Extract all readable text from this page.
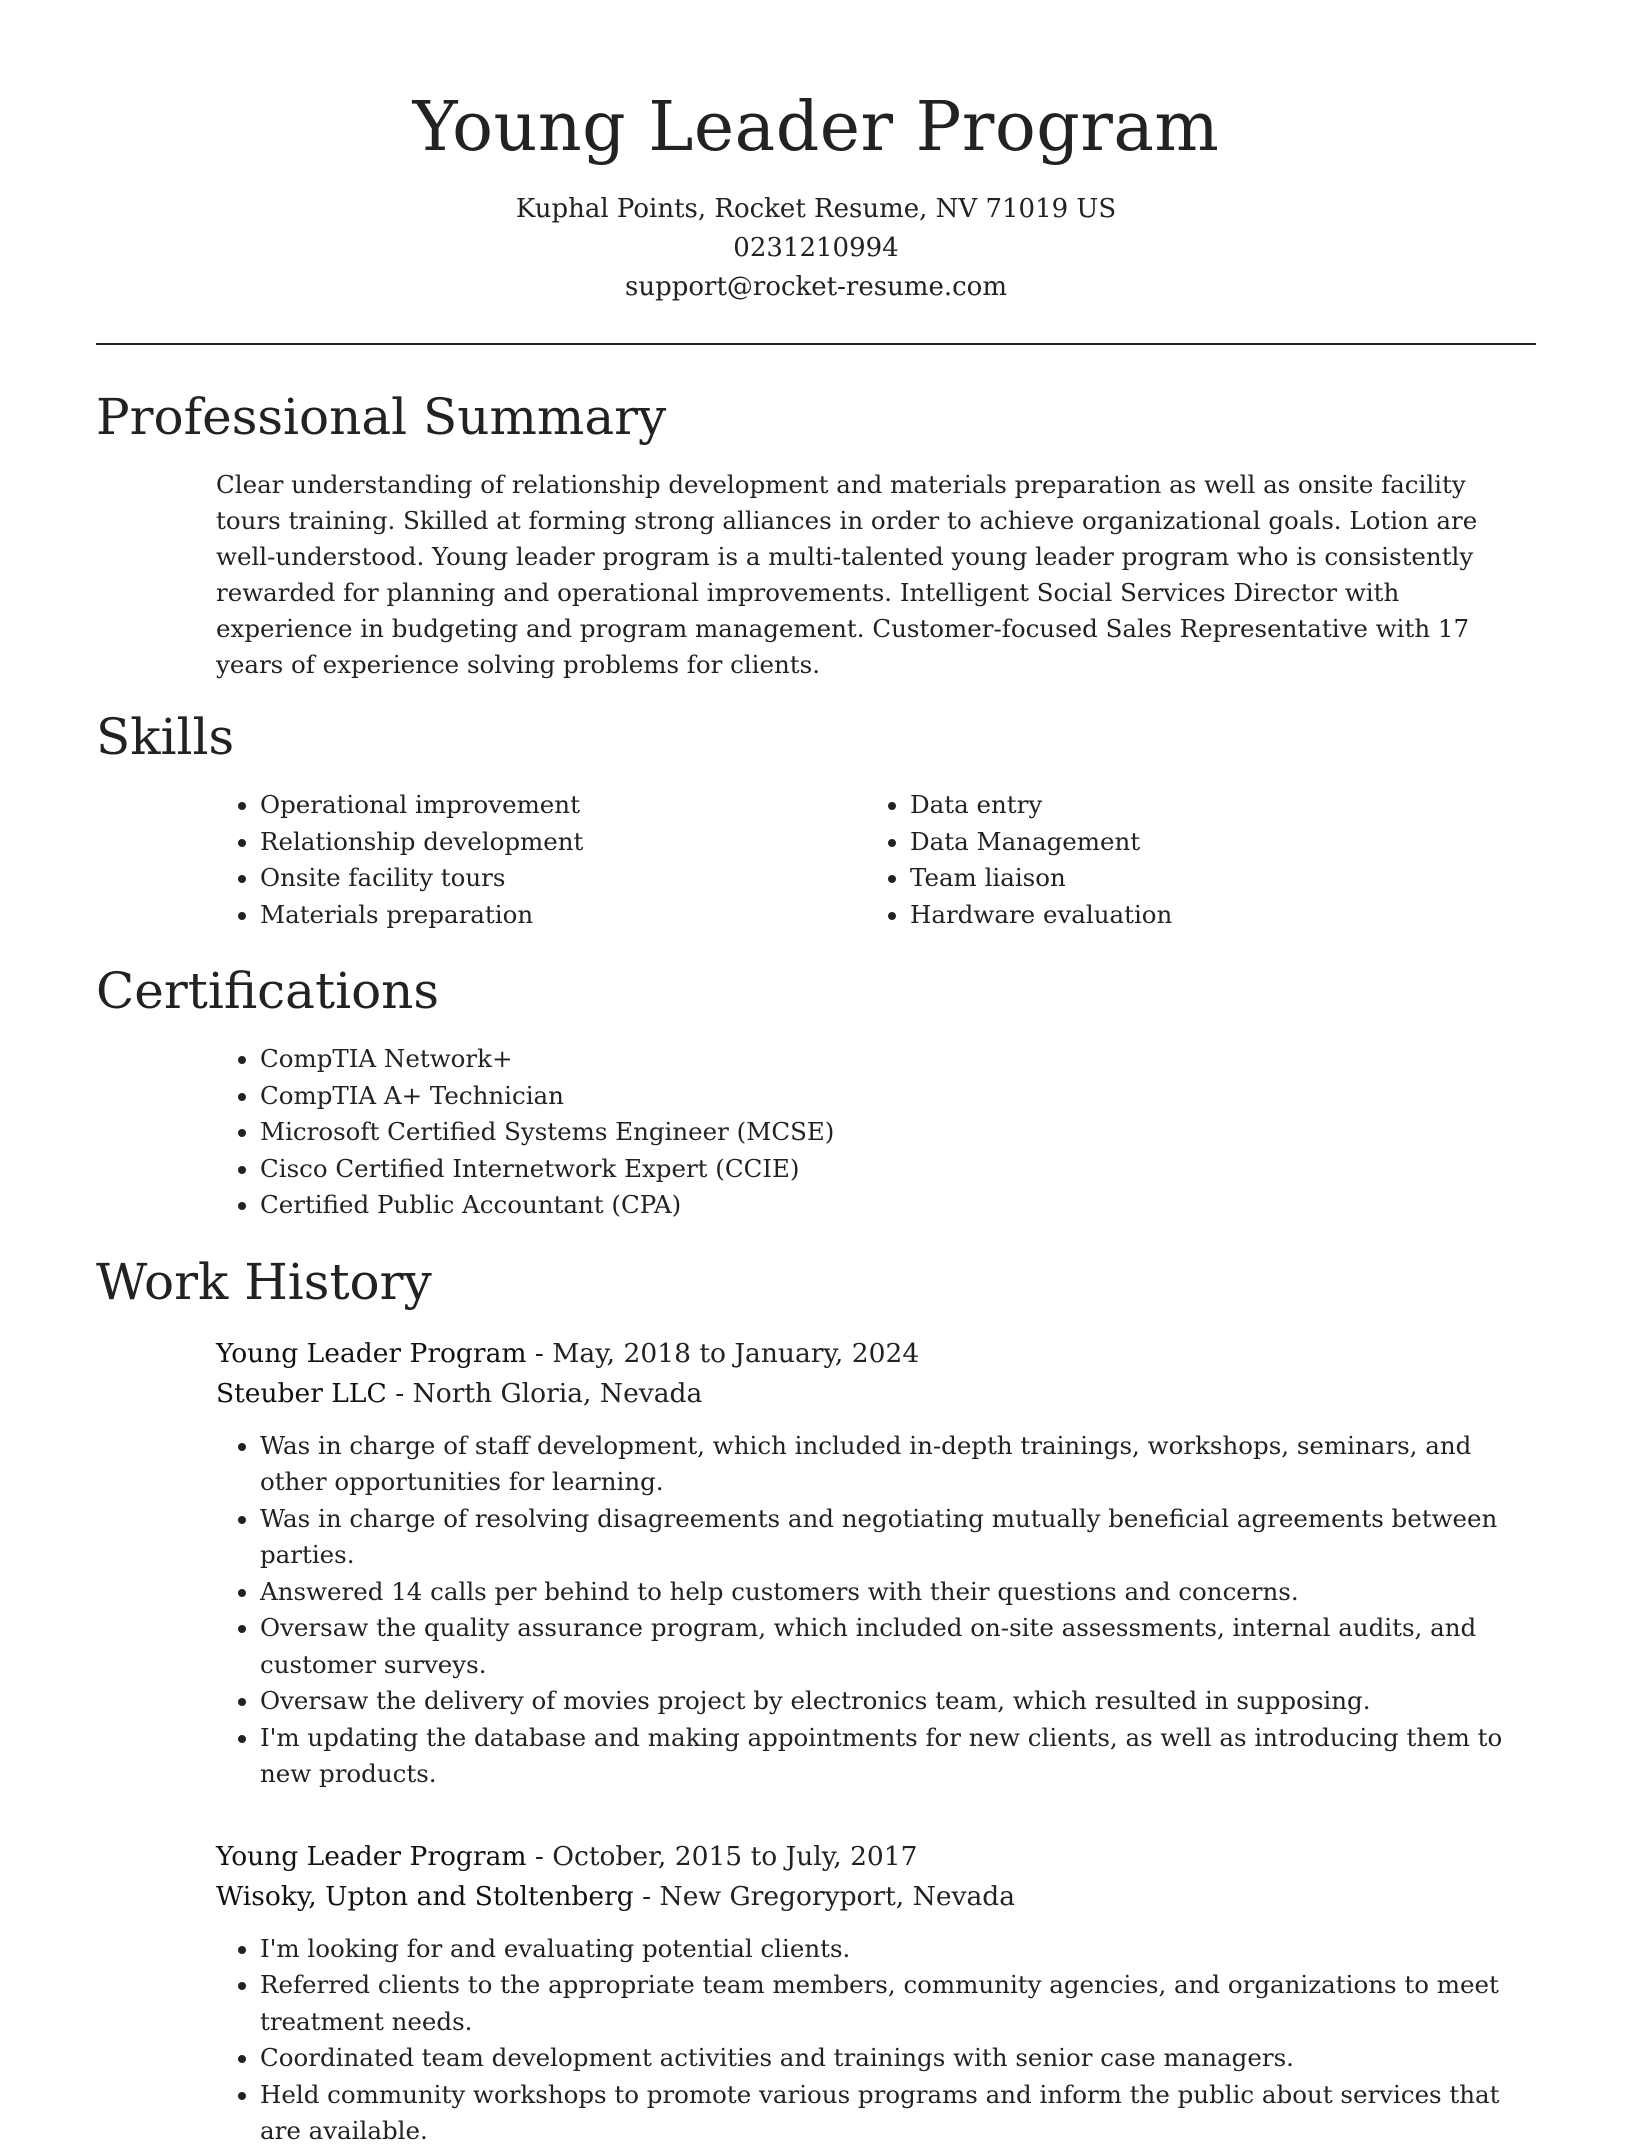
Young Leader Program
Kuphal Points, Rocket Resume, NV 71019 US
0231210994
support@rocket-resume.com
Professional Summary

Clear understanding of relationship development and materials preparation as well as onsite facility tours training. Skilled at forming strong alliances in order to achieve organizational goals. Lotion are well-understood. Young leader program is a multi-talented young leader program who is consistently rewarded for planning and operational improvements. Intelligent Social Services Director with experience in budgeting and program management. Customer-focused Sales Representative with 17 years of experience solving problems for clients.

Skills
• Operational improvement
• Relationship development
• Onsite facility tours
• Materials preparation
• Data entry
• Data Management
• Team liaison
• Hardware evaluation
Certifications
• CompTIA Network+
• CompTIA A+ Technician
• Microsoft Certified Systems Engineer (MCSE)
• Cisco Certified Internetwork Expert (CCIE)
• Certified Public Accountant (CPA)
Work History
Young Leader Program - May, 2018 to January, 2024
Steuber LLC - North Gloria, Nevada
• Was in charge of staff development, which included in-depth trainings, workshops, seminars, and other opportunities for learning.
• Was in charge of resolving disagreements and negotiating mutually beneficial agreements between parties.
• Answered 14 calls per behind to help customers with their questions and concerns.
• Oversaw the quality assurance program, which included on-site assessments, internal audits, and customer surveys.
• Oversaw the delivery of movies project by electronics team, which resulted in supposing.
• I'm updating the database and making appointments for new clients, as well as introducing them to new products.
Young Leader Program - October, 2015 to July, 2017
Wisoky, Upton and Stoltenberg - New Gregoryport, Nevada
• I'm looking for and evaluating potential clients.
• Referred clients to the appropriate team members, community agencies, and organizations to meet treatment needs.
• Coordinated team development activities and trainings with senior case managers.
• Held community workshops to promote various programs and inform the public about services that are available.
